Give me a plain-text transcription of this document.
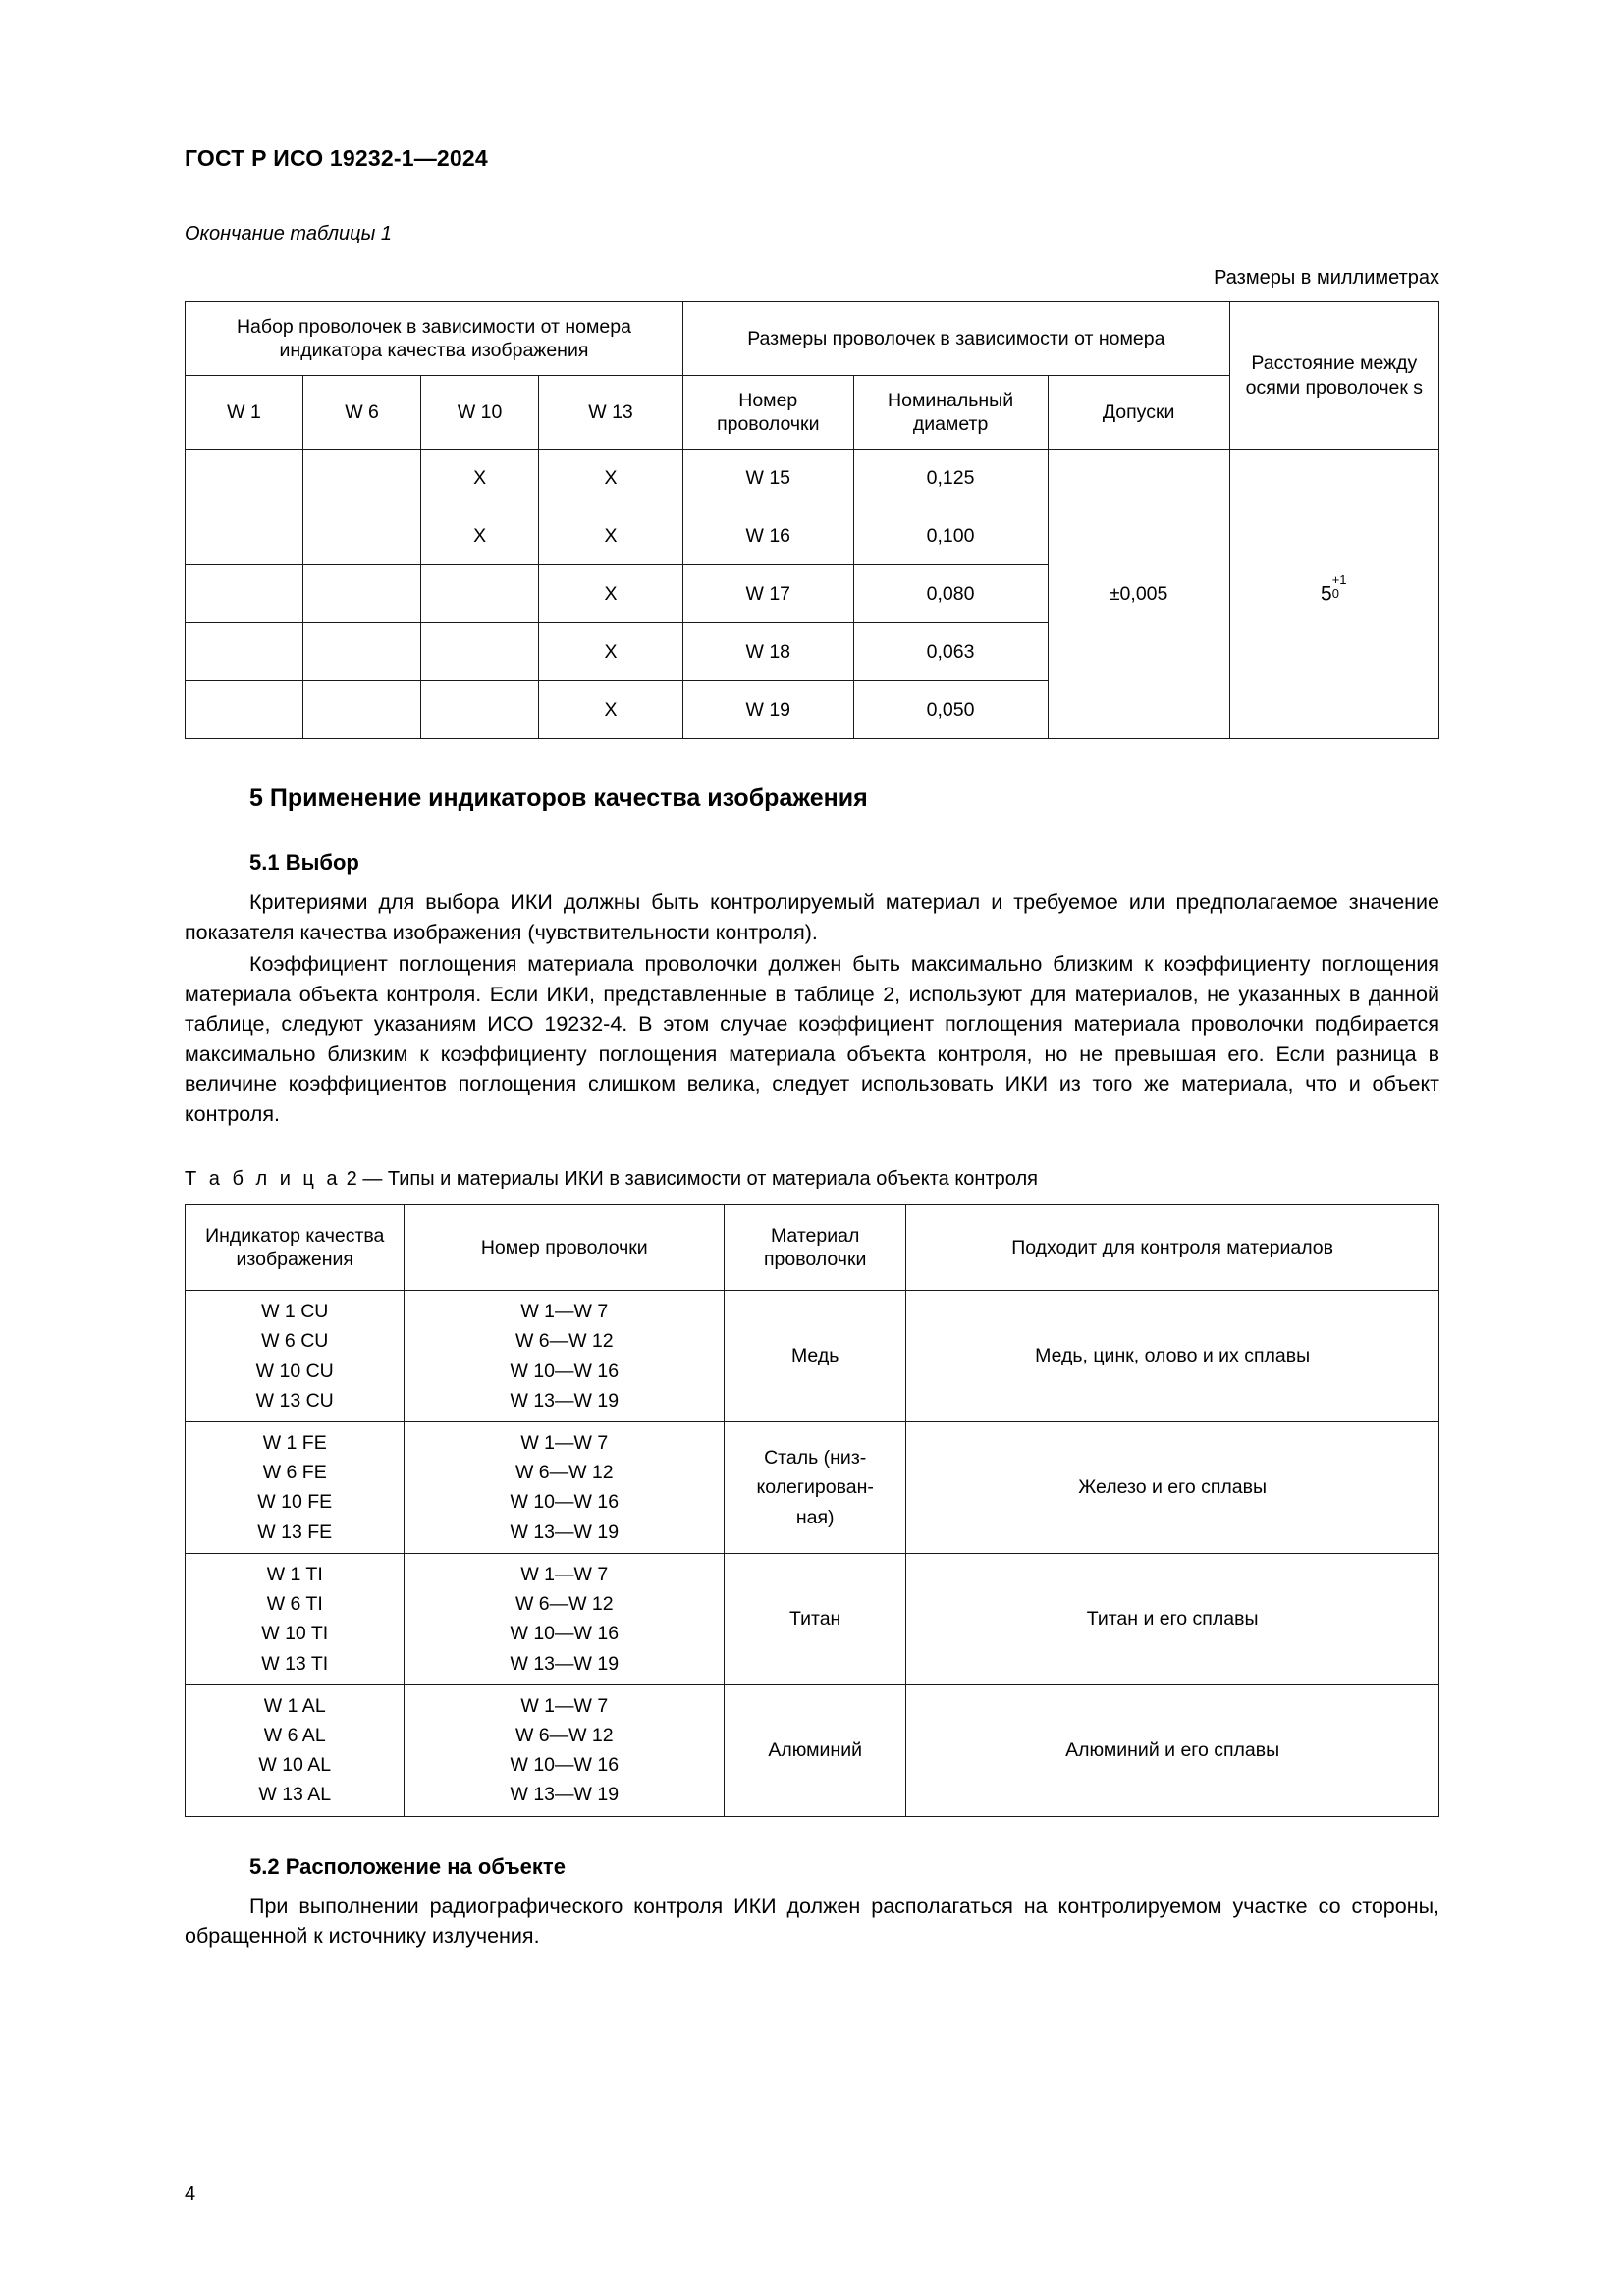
ГОСТ Р ИСО 19232-1—2024
Окончание таблицы 1
Размеры в миллиметрах
Набор проволочек в зависимости от номера индикатора качества изображения				Размеры проволочек в зависимости от номера			Расстояние между осями проволочек s
W 1	W 6	W 10	W 13	Номер проволочки	Номинальный диаметр	Допуски	
		X	X	W 15	0,125	±0,005	5
+1
0

		X	X	W 16	0,100		
			X	W 17	0,080		
			X	W 18	0,063		
			X	W 19	0,050		
5 Применение индикаторов качества изображения
5.1 Выбор

Критериями для выбора ИКИ должны быть контролируемый материал и требуемое или предполагаемое значение показателя качества изображения (чувствительности контроля).

Коэффициент поглощения материала проволочки должен быть максимально близким к коэффициенту поглощения материала объекта контроля. Если ИКИ, представленные в таблице 2, используют для материалов, не указанных в данной таблице, следуют указаниям ИСО 19232-4. В этом случае коэффициент поглощения материала проволочки подбирается максимально близким к коэффициенту поглощения материала объекта контроля, но не превышая его. Если разница в величине коэффициентов поглощения слишком велика, следует использовать ИКИ из того же материала, что и объект контроля.

Т а б л и ц а 2 — Типы и материалы ИКИ в зависимости от материала объекта контроля
Индикатор качества изображения	Номер проволочки	Материал проволочки	Подходит для контроля материалов
W 1 CU
W 6 CU
W 10 CU
W 13 CU	W 1—W 7
W 6—W 12
W 10—W 16
W 13—W 19	Медь	Медь, цинк, олово и их сплавы
W 1 FE
W 6 FE
W 10 FE
W 13 FE	W 1—W 7
W 6—W 12
W 10—W 16
W 13—W 19	Сталь (низ-
колегирован-
ная)	Железо и его сплавы
W 1 TI
W 6 TI
W 10 TI
W 13 TI	W 1—W 7
W 6—W 12
W 10—W 16
W 13—W 19	Титан	Титан и его сплавы
W 1 AL
W 6 AL
W 10 AL
W 13 AL	W 1—W 7
W 6—W 12
W 10—W 16
W 13—W 19	Алюминий	Алюминий и его сплавы
5.2 Расположение на объекте

При выполнении радиографического контроля ИКИ должен располагаться на контролируемом участке со стороны, обращенной к источнику излучения.

4
